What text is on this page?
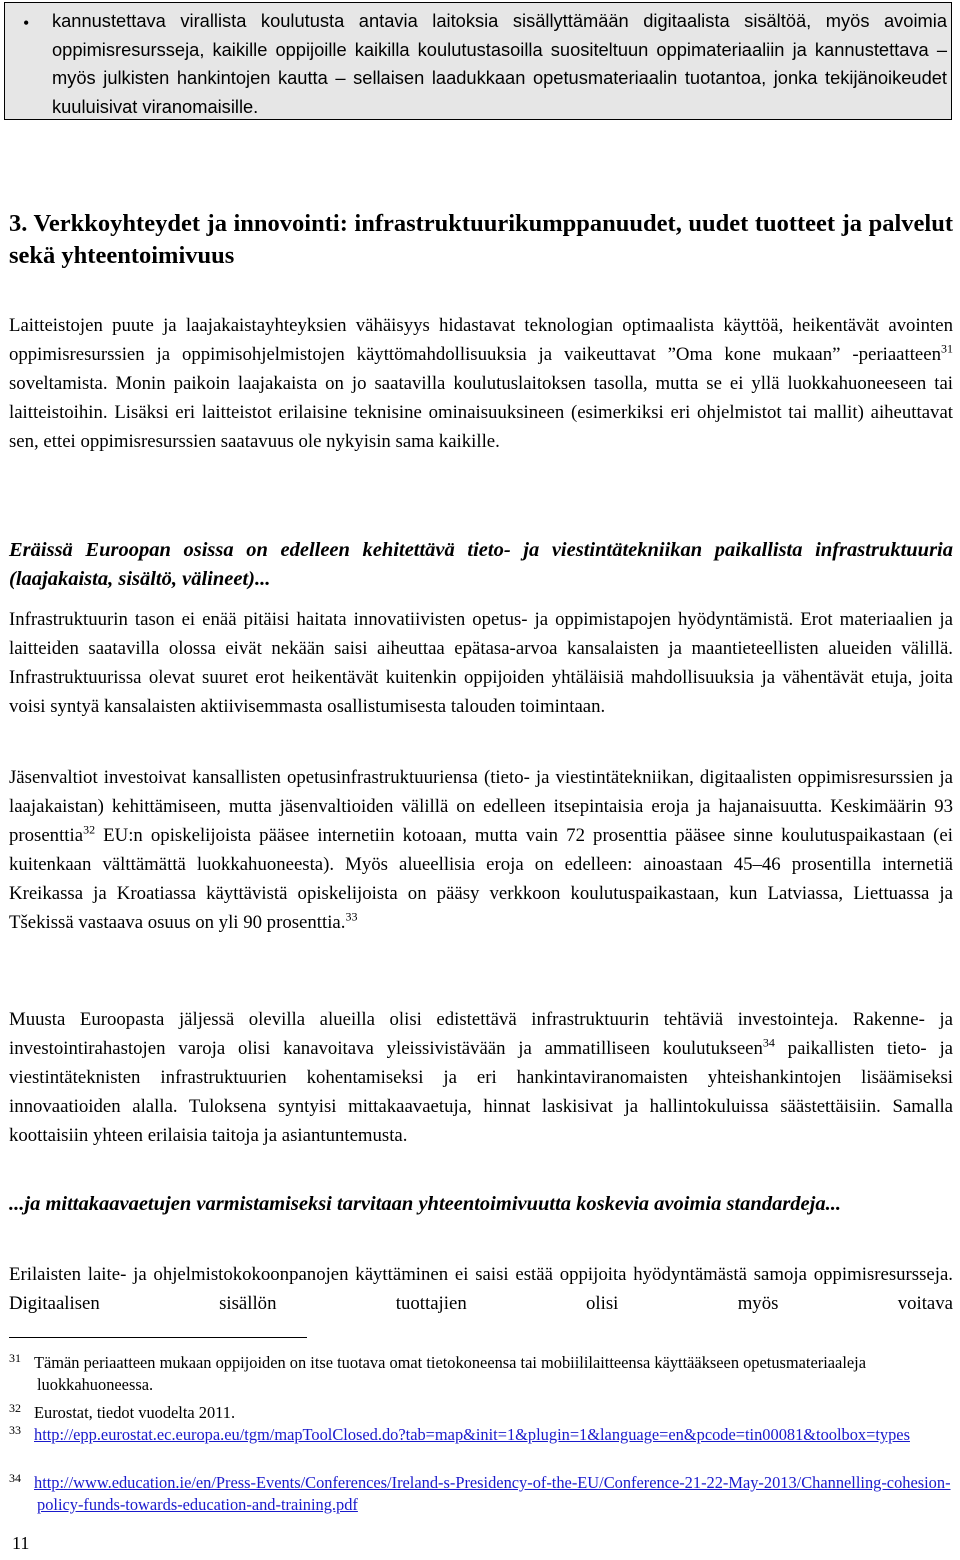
• kannustettava virallista koulutusta antavia laitoksia sisällyttämään digitaalista sisältöä, myös avoimia oppimisresursseja, kaikille oppijoille kaikilla koulutustasoilla suositeltuun oppimateriaaliin ja kannustettava – myös julkisten hankintojen kautta – sellaisen laadukkaan opetusmateriaalin tuotantoa, jonka tekijänoikeudet kuuluisivat viranomaisille.
3. Verkkoyhteydet ja innovointi: infrastruktuurikumppanuudet, uudet tuotteet ja palvelut sekä yhteentoimivuus
Laitteistojen puute ja laajakaistayhteyksien vähäisyys hidastavat teknologian optimaalista käyttöä, heikentävät avointen oppimisresurssien ja oppimisohjelmistojen käyttömahdollisuuksia ja vaikeuttavat ”Oma kone mukaan” -periaatteen$^{31}$ soveltamista. Monin paikoin laajakaista on jo saatavilla koulutuslaitoksen tasolla, mutta se ei yllä luokkahuoneeseen tai laitteistoihin. Lisäksi eri laitteistot erilaisine teknisine ominaisuuksineen (esimerkiksi eri ohjelmistot tai mallit) aiheuttavat sen, ettei oppimisresurssien saatavuus ole nykyisin sama kaikille.
Eräissä Euroopan osissa on edelleen kehitettävä tieto- ja viestintätekniikan paikallista infrastruktuuria (laajakaista, sisältö, välineet)...
Infrastruktuurin tason ei enää pitäisi haitata innovatiivisten opetus- ja oppimistapojen hyödyntämistä. Erot materiaalien ja laitteiden saatavilla olossa eivät nekään saisi aiheuttaa epätasa-arvoa kansalaisten ja maantieteellisten alueiden välillä. Infrastruktuurissa olevat suuret erot heikentävät kuitenkin oppijoiden yhtäläisiä mahdollisuuksia ja vähentävät etuja, joita voisi syntyä kansalaisten aktiivisemmasta osallistumisesta talouden toimintaan.
Jäsenvaltiot investoivat kansallisten opetusinfrastruktuuriensa (tieto- ja viestintätekniikan, digitaalisten oppimisresurssien ja laajakaistan) kehittämiseen, mutta jäsenvaltioiden välillä on edelleen itsepintaisia eroja ja hajanaisuutta. Keskimäärin 93 prosenttia$^{32}$ EU:n opiskelijoista pääsee internetiin kotoaan, mutta vain 72 prosenttia pääsee sinne koulutuspaikastaan (ei kuitenkaan välttämättä luokkahuoneesta). Myös alueellisia eroja on edelleen: ainoastaan 45–46 prosentilla internetiä Kreikassa ja Kroatiassa käyttävistä opiskelijoista on pääsy verkkoon koulutuspaikastaan, kun Latviassa, Liettuassa ja Tšekissä vastaava osuus on yli 90 prosenttia.$^{33}$
Muusta Euroopasta jäljessä olevilla alueilla olisi edistettävä infrastruktuurin tehtäviä investointeja. Rakenne- ja investointirahastojen varoja olisi kanavoitava yleissivistävään ja ammatilliseen koulutukseen$^{34}$ paikallisten tieto- ja viestintäteknisten infrastruktuurien kohentamiseksi ja eri hankintaviranomaisten yhteishankintojen lisäämiseksi innovaatioiden alalla. Tuloksena syntyisi mittakaavaetuja, hinnat laskisivat ja hallintokuluissa säästettäisiin. Samalla koottaisiin yhteen erilaisia taitoja ja asiantuntemusta.
...ja mittakaavaetujen varmistamiseksi tarvitaan yhteentoimivuutta koskevia avoimia standardeja...
Erilaisten laite- ja ohjelmistokokoonpanojen käyttäminen ei saisi estää oppijoita hyödyntämästä samoja oppimisresursseja. Digitaalisen sisällön tuottajien olisi myös voitava
31 Tämän periaatteen mukaan oppijoiden on itse tuotava omat tietokoneensa tai mobiililaitteensa käyttääkseen opetusmateriaaleja luokkahuoneessa.
32 Eurostat, tiedot vuodelta 2011.
33 http://epp.eurostat.ec.europa.eu/tgm/mapToolClosed.do?tab=map&init=1&plugin=1&language=en&pcode=tin00081&toolbox=types
34 http://www.education.ie/en/Press-Events/Conferences/Ireland-s-Presidency-of-the-EU/Conference-21-22-May-2013/Channelling-cohesion-policy-funds-towards-education-and-training.pdf
11
